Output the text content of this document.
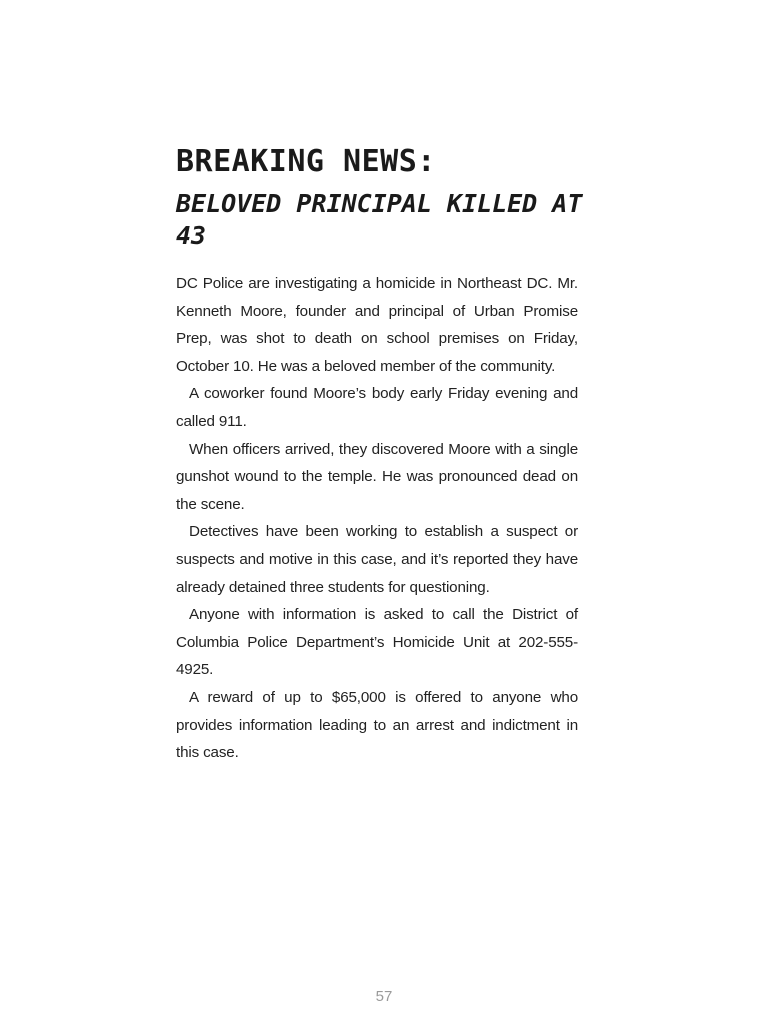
BREAKING NEWS:
BELOVED PRINCIPAL KILLED AT 43

DC Police are investigating a homicide in Northeast DC. Mr. Kenneth Moore, founder and principal of Urban Promise Prep, was shot to death on school premises on Friday, October 10. He was a beloved member of the community.

A coworker found Moore’s body early Friday evening and called 911.

When officers arrived, they discovered Moore with a single gunshot wound to the temple. He was pronounced dead on the scene.

Detectives have been working to establish a suspect or suspects and motive in this case, and it’s reported they have already detained three students for questioning.

Anyone with information is asked to call the District of Columbia Police Department’s Homicide Unit at 202-555-4925.

A reward of up to $65,000 is offered to anyone who provides information leading to an arrest and indictment in this case.

57
